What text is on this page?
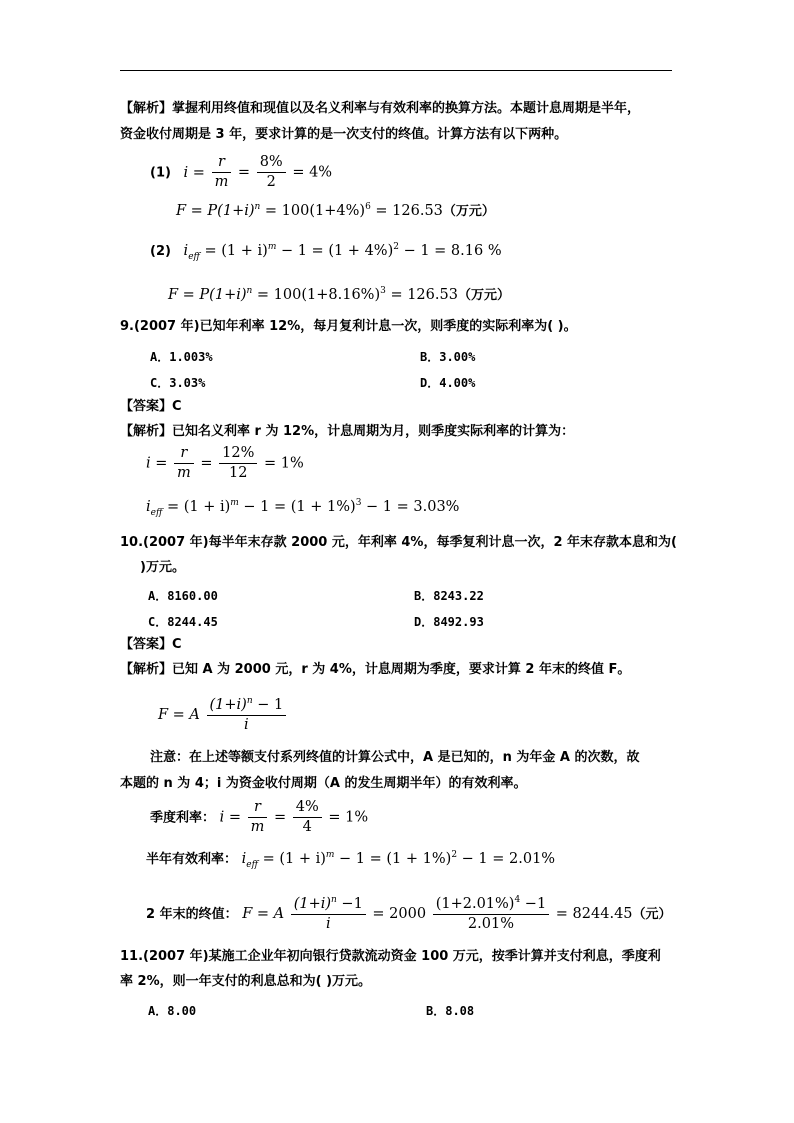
【解析】掌握利用终值和现值以及名义利率与有效利率的换算方法。本题计息周期是半年，
资金收付周期是 3 年，要求计算的是一次支付的终值。计算方法有以下两种。
(1) $i = \frac{r}{m} = \frac{8\%}{2} = 4\%$
$F = P(1+i)^n = 100(1+4\%)^6 = 126.53$（万元）
(2) $i_{eff} = (1 + i)^m - 1 = (1 + 4\%)^2 - 1 = 8.16$ %
$F = P(1+i)^n = 100(1+8.16\%)^3 = 126.53$（万元）
9.(2007 年)已知年利率 12%，每月复利计息一次，则季度的实际利率为( )。
A．1.003%	B．3.00%
C．3.03%	D．4.00%
【答案】C
【解析】已知名义利率 r 为 12%，计息周期为月，则季度实际利率的计算为：
$i = \frac{r}{m} = \frac{12\%}{12} = 1\%$
$i_{eff} = (1 + i)^m - 1 = (1 + 1\%)^3 - 1 = 3.03\%$
10.(2007 年)每半年末存款 2000 元，年利率 4%，每季复利计息一次，2 年末存款本息和为(
)万元。
A．8160.00	B．8243.22
C．8244.45	D．8492.93
【答案】C
【解析】已知 A 为 2000 元，r 为 4%，计息周期为季度，要求计算 2 年末的终值 F。
F = A $\frac{(1+i)^n - 1}{i}$
注意：在上述等额支付系列终值的计算公式中，A 是已知的，n 为年金 A 的次数，故
本题的 n 为 4；i 为资金收付周期（A 的发生周期半年）的有效利率。
季度利率： $i = \frac{r}{m} = \frac{4\%}{4} = 1\%$
半年有效利率： $i_{eff} = (1 + i)^m - 1 = (1 + 1\%)^2 - 1 = 2.01\%$
2 年末的终值： F = A $\frac{(1+i)^n -1}{i} = 2000 \frac{(1+2.01\%)^4 -1}{2.01\%} = 8244.45$（元）
11.(2007 年)某施工企业年初向银行贷款流动资金 100 万元，按季计算并支付利息，季度利
率 2%，则一年支付的利息总和为( )万元。
A．8.00	B．8.08
